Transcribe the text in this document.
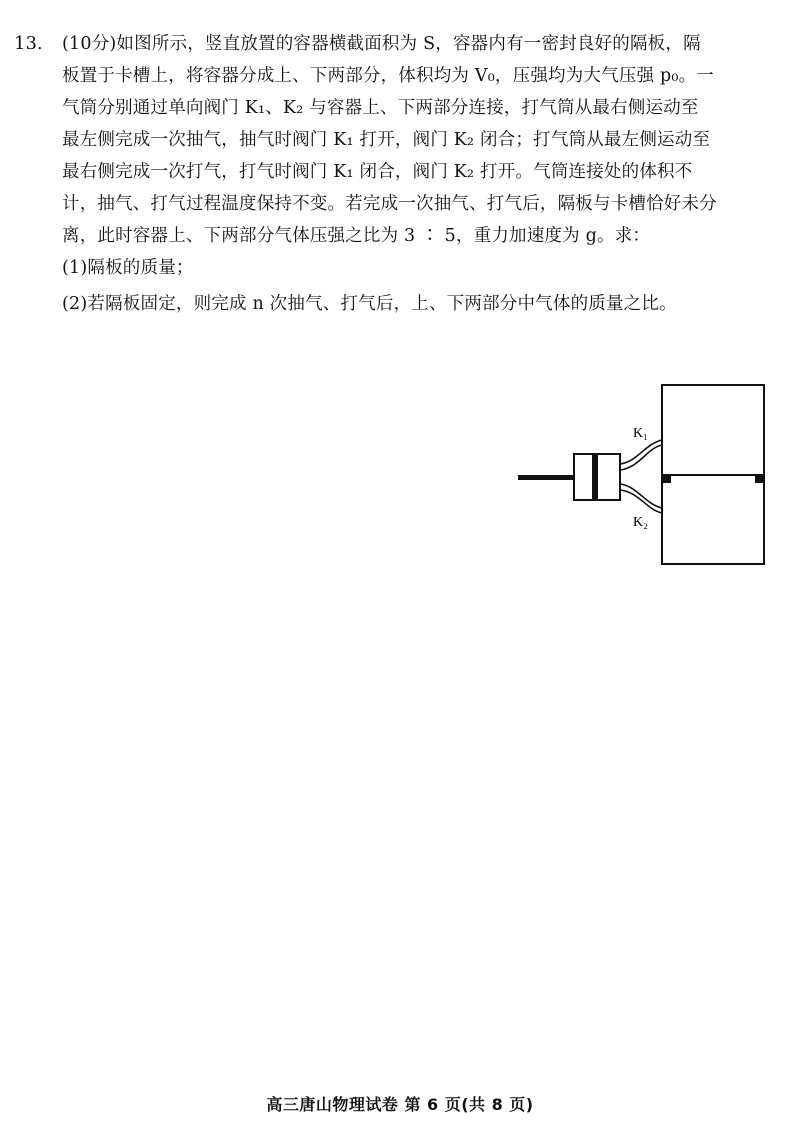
13. (10分)如图所示，竖直放置的容器横截面积为 S，容器内有一密封良好的隔板，隔
板置于卡槽上，将容器分成上、下两部分，体积均为 V₀，压强均为大气压强 p₀。一
气筒分别通过单向阀门 K₁、K₂ 与容器上、下两部分连接，打气筒从最右侧运动至
最左侧完成一次抽气，抽气时阀门 K₁ 打开，阀门 K₂ 闭合；打气筒从最左侧运动至
最右侧完成一次打气，打气时阀门 K₁ 闭合，阀门 K₂ 打开。气筒连接处的体积不
计，抽气、打气过程温度保持不变。若完成一次抽气、打气后，隔板与卡槽恰好未分
离，此时容器上、下两部分气体压强之比为 3 ∶ 5，重力加速度为 g。求：
(1)隔板的质量；
(2)若隔板固定，则完成 n 次抽气、打气后，上、下两部分中气体的质量之比。
K₁
K₂
高三唐山物理试卷 第 6 页(共 8 页)
